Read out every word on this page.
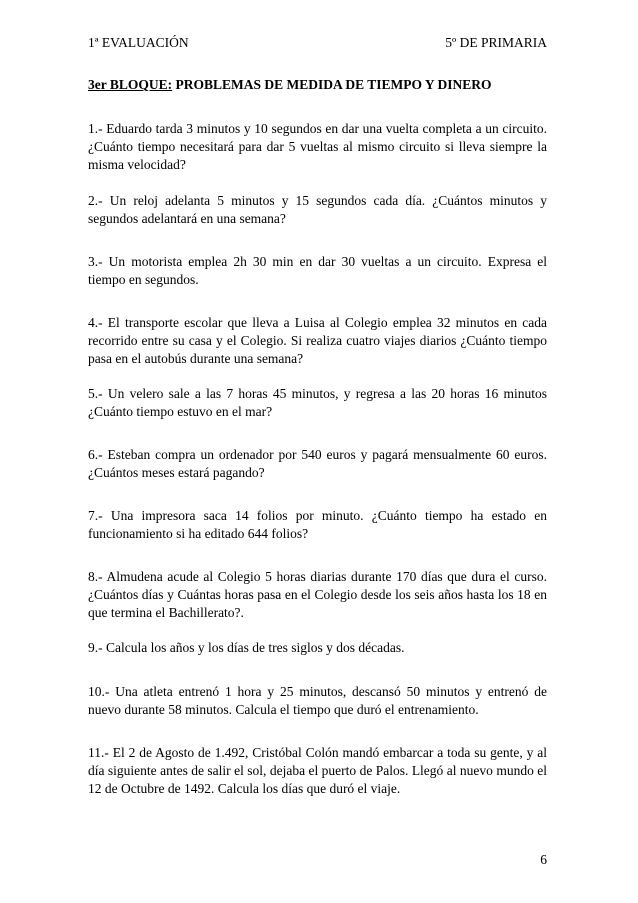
1ª EVALUACIÓN	5º DE PRIMARIA
3er BLOQUE: PROBLEMAS DE MEDIDA DE TIEMPO Y DINERO
1.- Eduardo tarda 3 minutos y 10 segundos en dar una vuelta completa a un circuito. ¿Cuánto tiempo necesitará para dar 5 vueltas al mismo circuito si lleva siempre la misma velocidad?
2.- Un reloj adelanta 5 minutos y 15 segundos cada día. ¿Cuántos minutos y segundos adelantará en una semana?
3.- Un motorista emplea 2h 30 min en dar 30 vueltas a un circuito. Expresa el tiempo en segundos.
4.- El transporte escolar que lleva a Luisa al Colegio emplea 32 minutos en cada recorrido entre su casa y el Colegio. Si realiza cuatro viajes diarios ¿Cuánto tiempo pasa en el autobús durante una semana?
5.- Un velero sale a las 7 horas 45 minutos, y regresa a las 20 horas 16 minutos ¿Cuánto tiempo estuvo en el mar?
6.- Esteban compra un ordenador por 540 euros y pagará mensualmente 60 euros. ¿Cuántos meses estará pagando?
7.- Una impresora saca 14 folios por minuto. ¿Cuánto tiempo ha estado en funcionamiento si ha editado 644 folios?
8.- Almudena acude al Colegio 5 horas diarias durante 170 días que dura el curso. ¿Cuántos días y Cuántas horas pasa en el Colegio desde los seis años hasta los 18 en que termina el Bachillerato?.
9.- Calcula los años y los días de tres siglos y dos décadas.
10.- Una atleta entrenó 1 hora y 25 minutos, descansó 50 minutos y entrenó de nuevo durante 58 minutos. Calcula el tiempo que duró el entrenamiento.
11.- El 2 de Agosto de 1.492, Cristóbal Colón mandó embarcar a toda su gente, y al día siguiente antes de salir el sol, dejaba el puerto de Palos. Llegó al nuevo mundo el 12 de Octubre de 1492. Calcula los días que duró el viaje.
6
